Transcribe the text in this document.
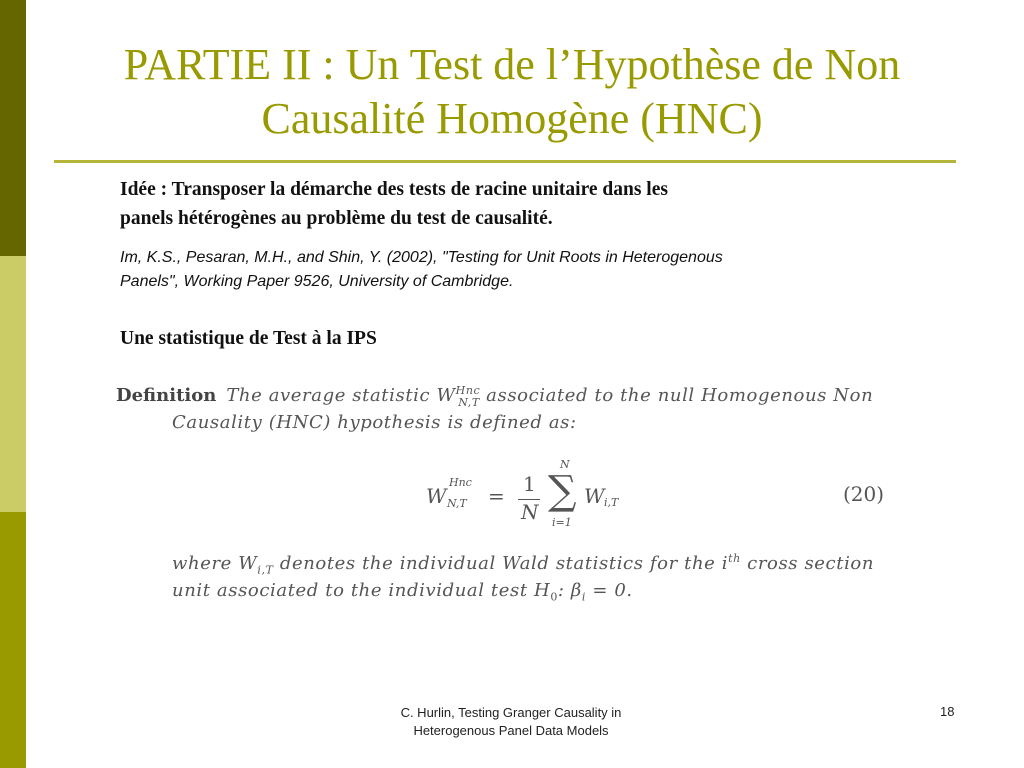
PARTIE II : Un Test de l’Hypothèse de Non
Causalité Homogène (HNC)
Idée : Transposer la démarche des tests de racine unitaire dans les
panels hétérogènes au problème du test de causalité.
Im, K.S., Pesaran, M.H., and Shin, Y. (2002), "Testing for Unit Roots in Heterogenous
Panels", Working Paper 9526, University of Cambridge.
Une statistique de Test à la IPS
Definition The average statistic $W^{Hnc}_{N,T}$ associated to the null Homogenous Non
Causality (HNC) hypothesis is defined as:
W
Hnc
N,T = 1
N ∑
N
i=1
W i,T	(20)
where $W_{i,T}$ denotes the individual Wald statistics for the $i^{th}$ cross section
unit associated to the individual test $H_0$: $\beta_i = 0$.
C. Hurlin, Testing Granger Causality in
Heterogenous Panel Data Models
18
